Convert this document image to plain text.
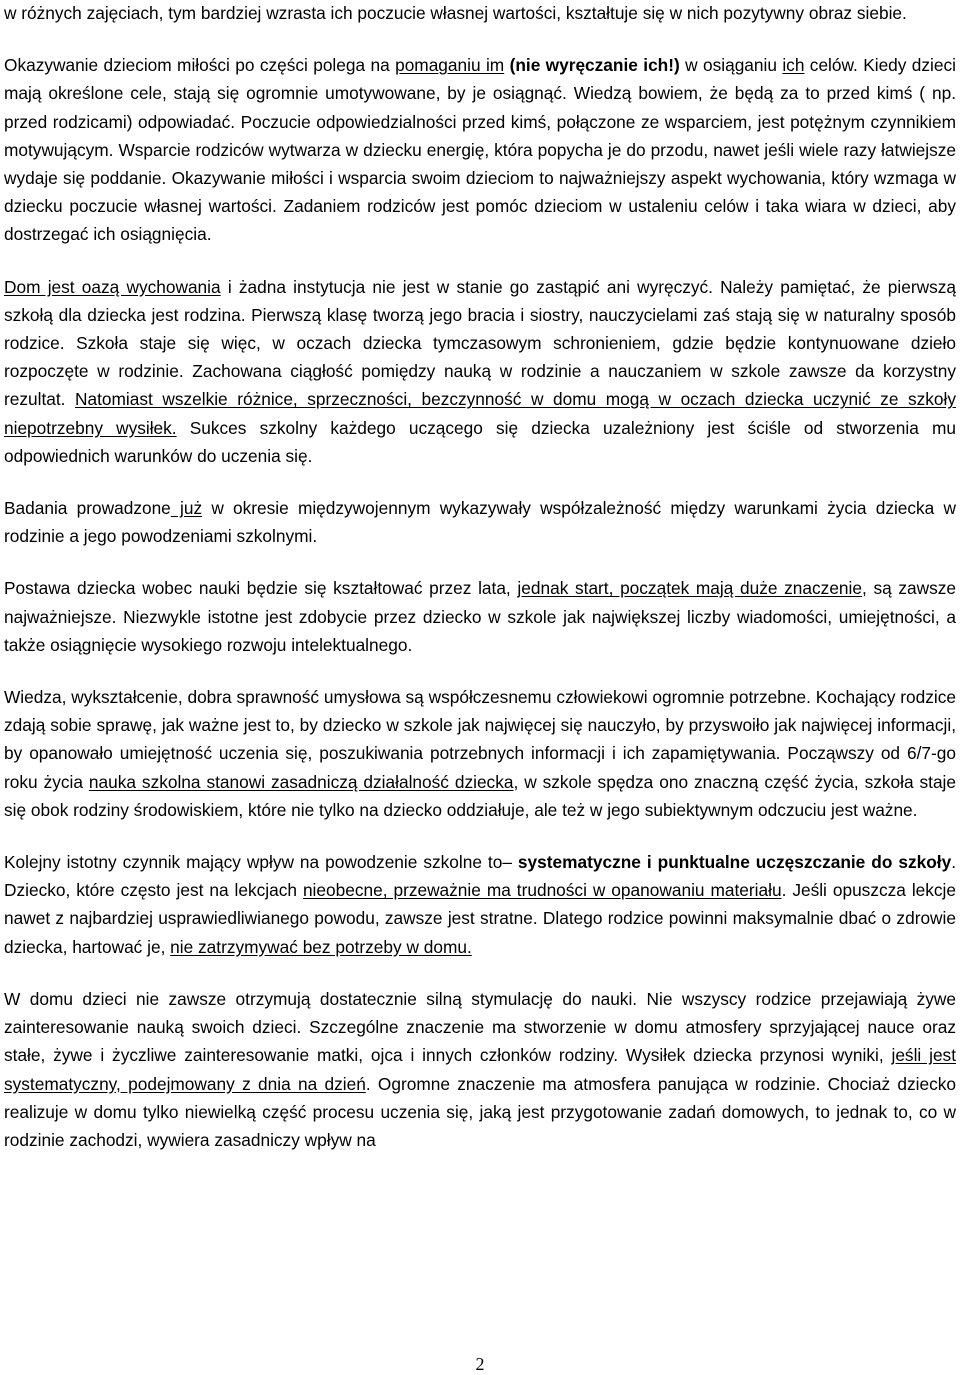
w różnych zajęciach, tym bardziej wzrasta ich poczucie własnej wartości, kształtuje się w nich pozytywny obraz siebie.

Okazywanie dzieciom miłości po części polega na pomaganiu im (nie wyręczanie ich!) w osiąganiu ich celów. Kiedy dzieci mają określone cele, stają się ogromnie umotywowane, by je osiągnąć. Wiedzą bowiem, że będą za to przed kimś ( np. przed rodzicami) odpowiadać. Poczucie odpowiedzialności przed kimś, połączone ze wsparciem, jest potężnym czynnikiem motywującym. Wsparcie rodziców wytwarza w dziecku energię, która popycha je do przodu, nawet jeśli wiele razy łatwiejsze wydaje się poddanie. Okazywanie miłości i wsparcia swoim dzieciom to najważniejszy aspekt wychowania, który wzmaga w dziecku poczucie własnej wartości. Zadaniem rodziców jest pomóc dzieciom w ustaleniu celów i taka wiara w dzieci, aby dostrzegać ich osiągnięcia.

Dom jest oazą wychowania i żadna instytucja nie jest w stanie go zastąpić ani wyręczyć. Należy pamiętać, że pierwszą szkołą dla dziecka jest rodzina. Pierwszą klasę tworzą jego bracia i siostry, nauczycielami zaś stają się w naturalny sposób rodzice. Szkoła staje się więc, w oczach dziecka tymczasowym schronieniem, gdzie będzie kontynuowane dzieło rozpoczęte w rodzinie. Zachowana ciągłość pomiędzy nauką w rodzinie a nauczaniem w szkole zawsze da korzystny rezultat. Natomiast wszelkie różnice, sprzeczności, bezczynność w domu mogą w oczach dziecka uczynić ze szkoły niepotrzebny wysiłek. Sukces szkolny każdego uczącego się dziecka uzależniony jest ściśle od stworzenia mu odpowiednich warunków do uczenia się.

Badania prowadzone już w okresie międzywojennym wykazywały współzależność między warunkami życia dziecka w rodzinie a jego powodzeniami szkolnymi.

Postawa dziecka wobec nauki będzie się kształtować przez lata, jednak start, początek mają duże znaczenie, są zawsze najważniejsze. Niezwykle istotne jest zdobycie przez dziecko w szkole jak największej liczby wiadomości, umiejętności, a także osiągnięcie wysokiego rozwoju intelektualnego.

Wiedza, wykształcenie, dobra sprawność umysłowa są współczesnemu człowiekowi ogromnie potrzebne. Kochający rodzice zdają sobie sprawę, jak ważne jest to, by dziecko w szkole jak najwięcej się nauczyło, by przyswoiło jak najwięcej informacji, by opanowało umiejętność uczenia się, poszukiwania potrzebnych informacji i ich zapamiętywania. Począwszy od 6/7-go roku życia nauka szkolna stanowi zasadniczą działalność dziecka, w szkole spędza ono znaczną część życia, szkoła staje się obok rodziny środowiskiem, które nie tylko na dziecko oddziałuje, ale też w jego subiektywnym odczuciu jest ważne.

Kolejny istotny czynnik mający wpływ na powodzenie szkolne to– systematyczne i punktualne uczęszczanie do szkoły. Dziecko, które często jest na lekcjach nieobecne, przeważnie ma trudności w opanowaniu materiału. Jeśli opuszcza lekcje nawet z najbardziej usprawiedliwianego powodu, zawsze jest stratne. Dlatego rodzice powinni maksymalnie dbać o zdrowie dziecka, hartować je, nie zatrzymywać bez potrzeby w domu.

W domu dzieci nie zawsze otrzymują dostatecznie silną stymulację do nauki. Nie wszyscy rodzice przejawiają żywe zainteresowanie nauką swoich dzieci. Szczególne znaczenie ma stworzenie w domu atmosfery sprzyjającej nauce oraz stałe, żywe i życzliwe zainteresowanie matki, ojca i innych członków rodziny. Wysiłek dziecka przynosi wyniki, jeśli jest systematyczny, podejmowany z dnia na dzień. Ogromne znaczenie ma atmosfera panująca w rodzinie. Chociaż dziecko realizuje w domu tylko niewielką część procesu uczenia się, jaką jest przygotowanie zadań domowych, to jednak to, co w rodzinie zachodzi, wywiera zasadniczy wpływ na

2
